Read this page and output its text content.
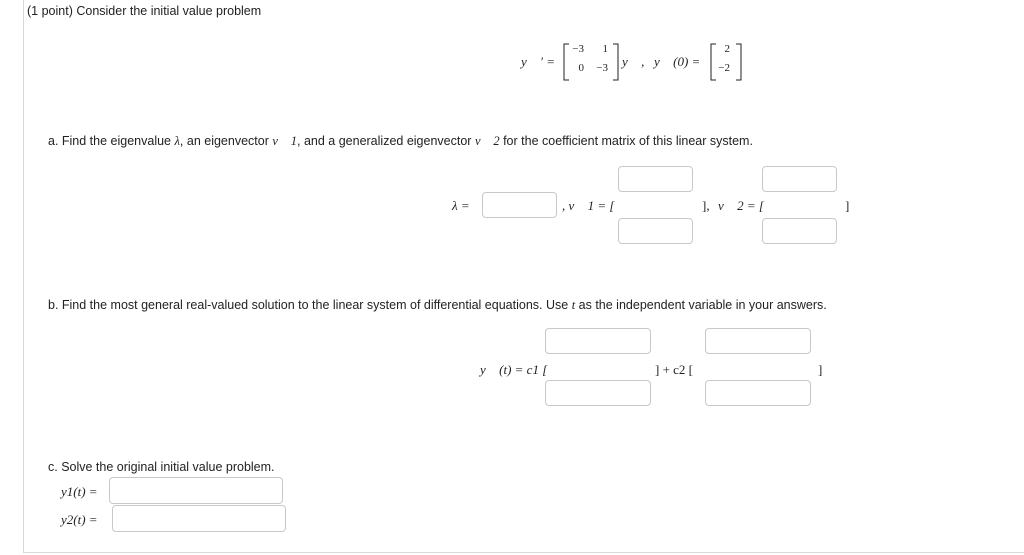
(1 point) Consider the initial value problem
y⃗ ′ =
−3	1
0	−3 y⃗ , y⃗ (0) =
2
−2
a. Find the eigenvalue λ, an eigenvector v⃗ 1, and a generalized eigenvector v⃗ 2 for the coefficient matrix of this linear system.
λ =	, v⃗ 1 = [	], v⃗ 2 = [	]
b. Find the most general real-valued solution to the linear system of differential equations. Use t as the independent variable in your answers.
y⃗ (t) = c1 [	] + c2 [	]
c. Solve the original initial value problem.
y1(t) =
y2(t) =
